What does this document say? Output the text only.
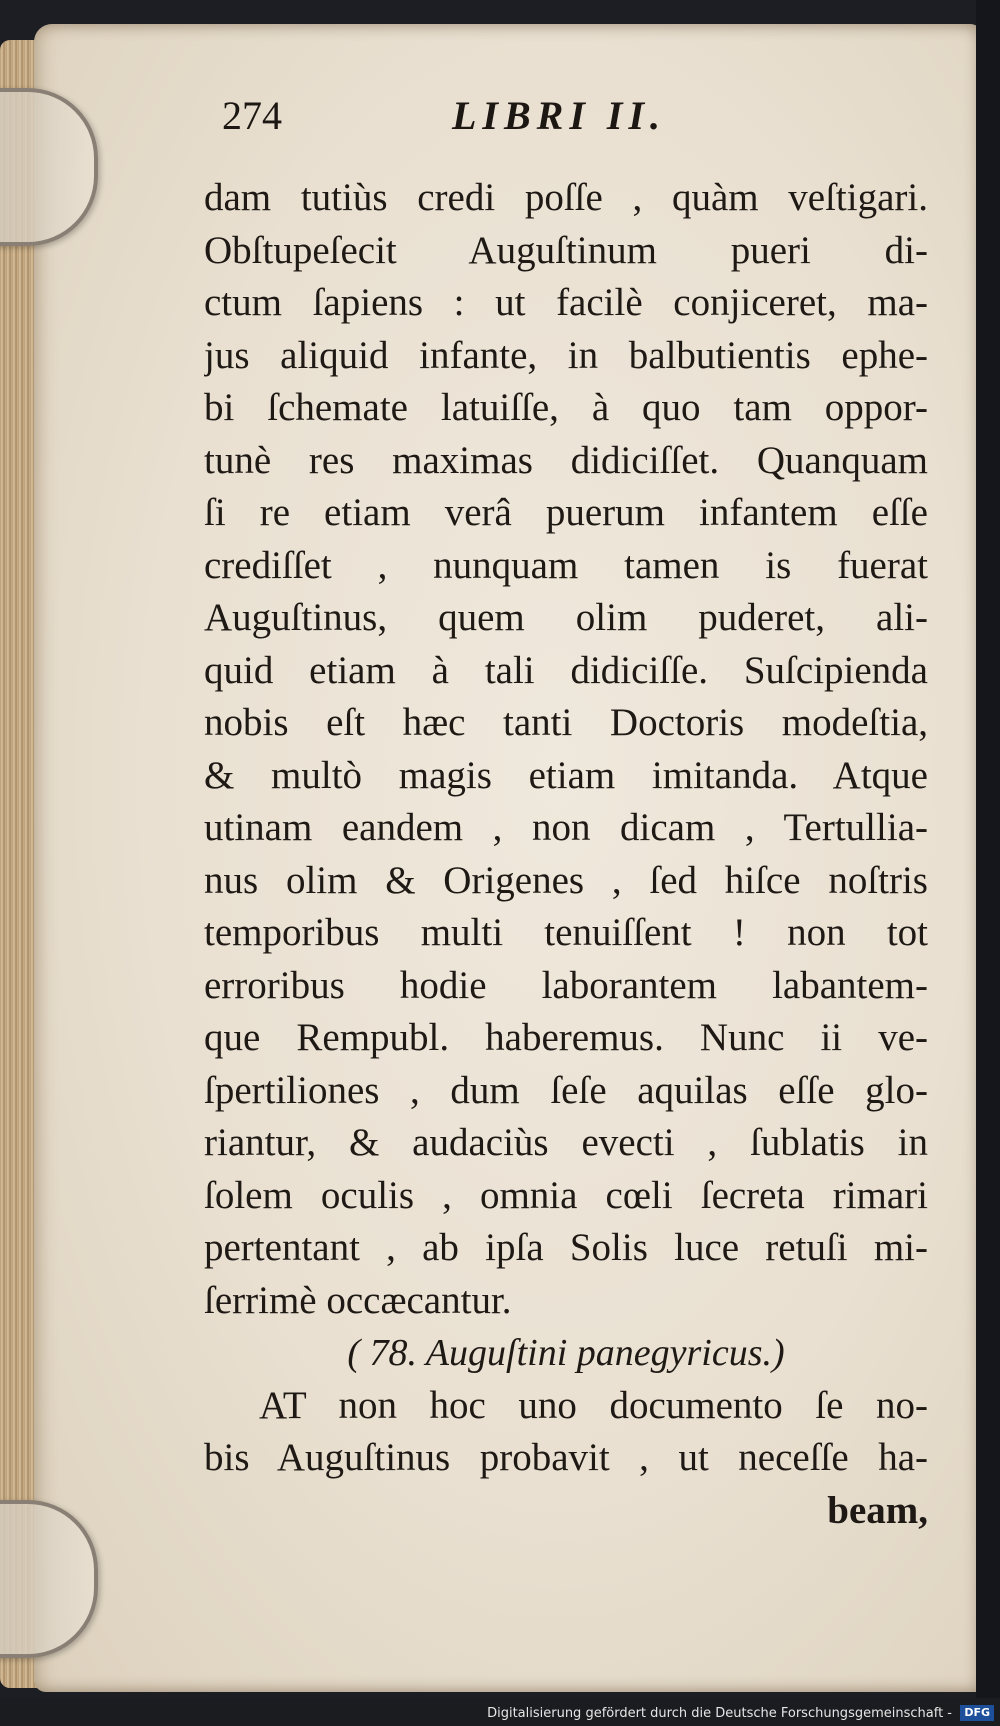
274	LIBRI II.
dam tutiùs credi poſſe , quàm veſtigari.
Obſtupeſecit Auguſtinum pueri di-
ctum ſapiens : ut facilè conjiceret, ma-
jus aliquid infante, in balbutientis ephe-
bi ſchemate latuiſſe, à quo tam oppor-
tunè res maximas didiciſſet. Quanquam
ſi re etiam verâ puerum infantem eſſe
crediſſet , nunquam tamen is fuerat
Auguſtinus, quem olim puderet, ali-
quid etiam à tali didiciſſe. Suſcipienda
nobis eſt hæc tanti Doctoris modeſtia,
& multò magis etiam imitanda. Atque
utinam eandem , non dicam , Tertullia-
nus olim & Origenes , ſed hiſce noſtris
temporibus multi tenuiſſent ! non tot
erroribus hodie laborantem labantem-
que Rempubl. haberemus. Nunc ii ve-
ſpertiliones , dum ſeſe aquilas eſſe glo-
riantur, & audaciùs evecti , ſublatis in
ſolem oculis , omnia cœli ſecreta rimari
pertentant , ab ipſa Solis luce retuſi mi-
ſerrimè occæcantur.
( 78. Auguſtini panegyricus.)
AT non hoc uno documento ſe no-
bis Auguſtinus probavit , ut neceſſe ha-
beam,
Digitalisierung gefördert durch die Deutsche Forschungsgemeinschaft -	DFG
